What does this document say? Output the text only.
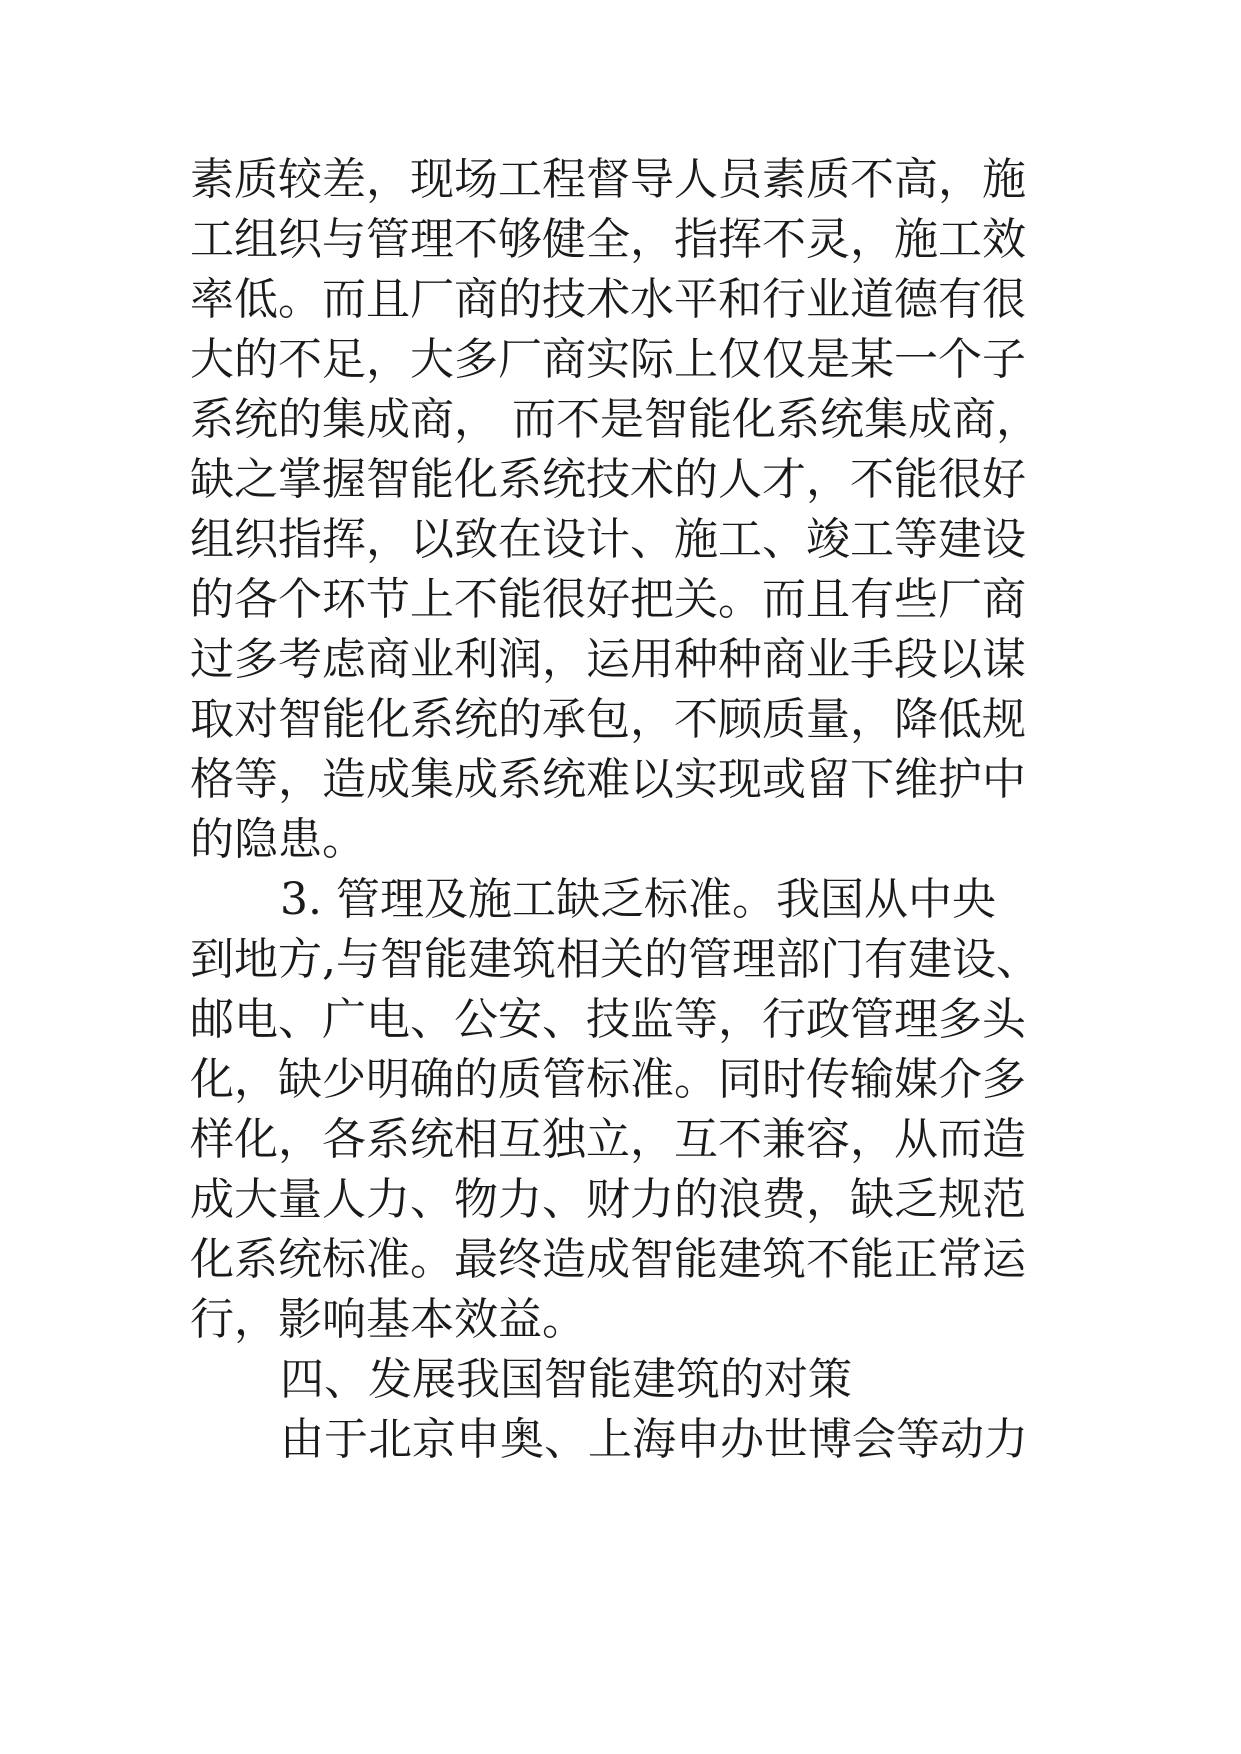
素质较差，现场工程督导人员素质不高，施
工组织与管理不够健全，指挥不灵，施工效
率低。而且厂商的技术水平和行业道德有很
大的不足，大多厂商实际上仅仅是某一个子
系统的集成商， 而不是智能化系统集成商，
缺之掌握智能化系统技术的人才，不能很好
组织指挥，以致在设计、施工、竣工等建设
的各个环节上不能很好把关。而且有些厂商
过多考虑商业利润，运用种种商业手段以谋
取对智能化系统的承包，不顾质量，降低规
格等，造成集成系统难以实现或留下维护中
的隐患。
3. 管理及施工缺乏标准。我国从中央
到地方,与智能建筑相关的管理部门有建设、
邮电、广电、公安、技监等，行政管理多头
化，缺少明确的质管标准。同时传输媒介多
样化，各系统相互独立，互不兼容，从而造
成大量人力、物力、财力的浪费，缺乏规范
化系统标准。最终造成智能建筑不能正常运
行，影响基本效益。
四、发展我国智能建筑的对策
由于北京申奥、上海申办世博会等动力
